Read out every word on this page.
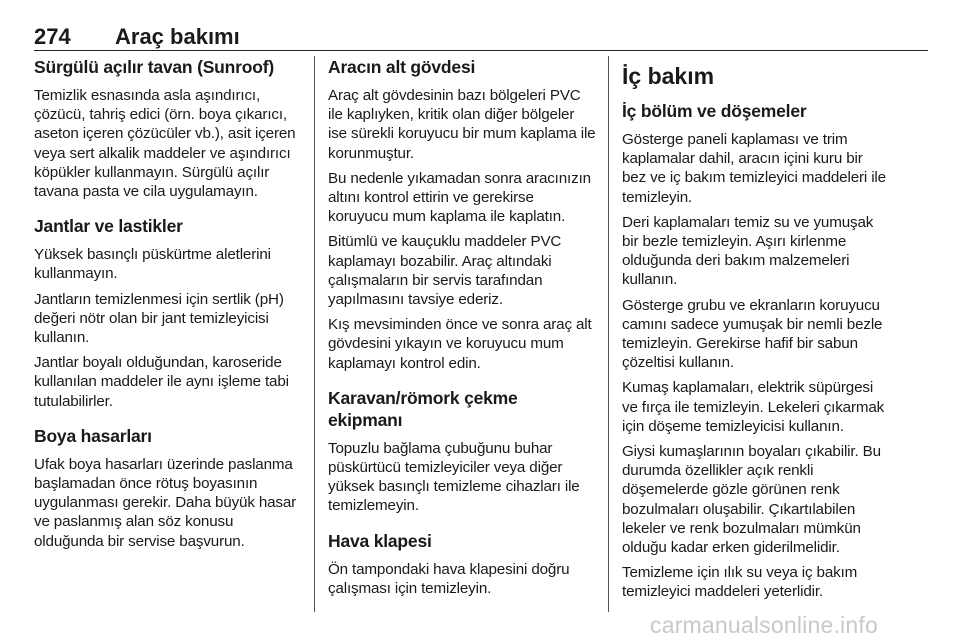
274 Araç bakımı
Sürgülü açılır tavan (Sunroof)

Temizlik esnasında asla aşındırıcı, çözücü, tahriş edici (örn. boya çıkarıcı, aseton içeren çözücüler vb.), asit içeren veya sert alkalik maddeler ve aşındırıcı köpükler kullanmayın. Sürgülü açılır tavana pasta ve cila uygulamayın.

Jantlar ve lastikler

Yüksek basınçlı püskürtme aletlerini kullanmayın.

Jantların temizlenmesi için sertlik (pH) değeri nötr olan bir jant temizleyicisi kullanın.

Jantlar boyalı olduğundan, karoseride kullanılan maddeler ile aynı işleme tabi tutulabilirler.

Boya hasarları

Ufak boya hasarları üzerinde paslanma başlamadan önce rötuş boyasının uygulanması gerekir. Daha büyük hasar ve paslanmış alan söz konusu olduğunda bir servise başvurun.

Aracın alt gövdesi

Araç alt gövdesinin bazı bölgeleri PVC ile kaplıyken, kritik olan diğer bölgeler ise sürekli koruyucu bir mum kaplama ile korunmuştur.

Bu nedenle yıkamadan sonra aracınızın altını kontrol ettirin ve gerekirse koruyucu mum kaplama ile kaplatın.

Bitümlü ve kauçuklu maddeler PVC kaplamayı bozabilir. Araç altındaki çalışmaların bir servis tarafından yapılmasını tavsiye ederiz.

Kış mevsiminden önce ve sonra araç alt gövdesini yıkayın ve koruyucu mum kaplamayı kontrol edin.

Karavan/römork çekme ekipmanı

Topuzlu bağlama çubuğunu buhar püskürtücü temizleyiciler veya diğer yüksek basınçlı temizleme cihazları ile temizlemeyin.

Hava klapesi

Ön tampondaki hava klapesini doğru çalışması için temizleyin.

İç bakım
İç bölüm ve döşemeler

Gösterge paneli kaplaması ve trim kaplamalar dahil, aracın içini kuru bir bez ve iç bakım temizleyici maddeleri ile temizleyin.

Deri kaplamaları temiz su ve yumuşak bir bezle temizleyin. Aşırı kirlenme olduğunda deri bakım malzemeleri kullanın.

Gösterge grubu ve ekranların koruyucu camını sadece yumuşak bir nemli bezle temizleyin. Gerekirse hafif bir sabun çözeltisi kullanın.

Kumaş kaplamaları, elektrik süpürgesi ve fırça ile temizleyin. Lekeleri çıkarmak için döşeme temizleyicisi kullanın.

Giysi kumaşlarının boyaları çıkabilir. Bu durumda özellikler açık renkli döşemelerde gözle görünen renk bozulmaları oluşabilir. Çıkartılabilen lekeler ve renk bozulmaları mümkün olduğu kadar erken giderilmelidir.

Temizleme için ılık su veya iç bakım temizleyici maddeleri yeterlidir.

carmanualsonline.info
